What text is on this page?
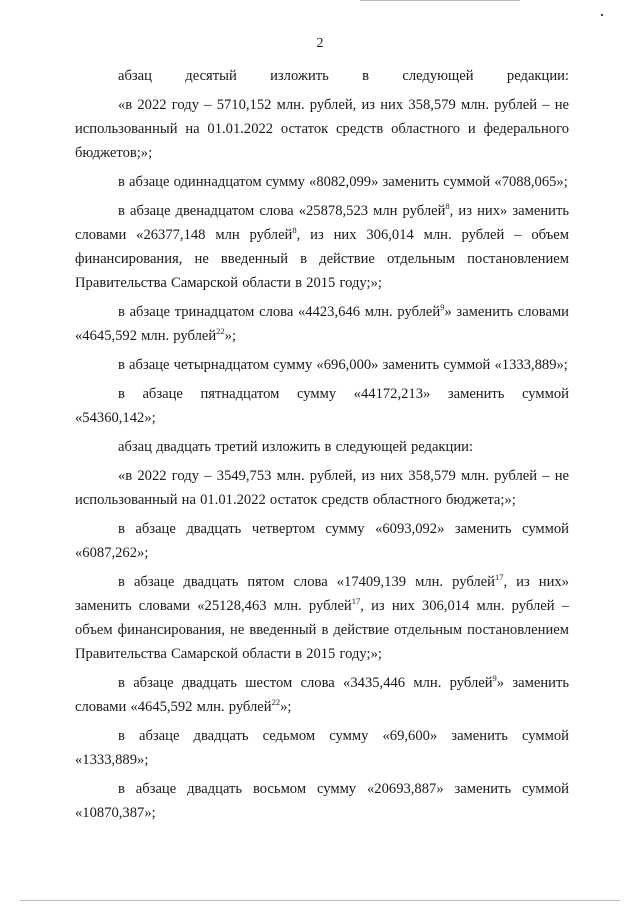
2

абзац десятый изложить в следующей редакции:

«в 2022 году – 5710,152 млн. рублей, из них 358,579 млн. рублей – не использованный на 01.01.2022 остаток средств областного и федерального бюджетов;»;

в абзаце одиннадцатом сумму «8082,099» заменить суммой «7088,065»;

в абзаце двенадцатом слова «25878,523 млн рублей$^8$, из них» заменить словами «26377,148 млн рублей$^8$, из них 306,014 млн. рублей – объем финансирования, не введенный в действие отдельным постановлением Правительства Самарской области в 2015 году;»;

в абзаце тринадцатом слова «4423,646 млн. рублей$^9$» заменить словами «4645,592 млн. рублей$^{22}$»;

в абзаце четырнадцатом сумму «696,000» заменить суммой «1333,889»;

в абзаце пятнадцатом сумму «44172,213» заменить суммой «54360,142»;

абзац двадцать третий изложить в следующей редакции:

«в 2022 году – 3549,753 млн. рублей, из них 358,579 млн. рублей – не использованный на 01.01.2022 остаток средств областного бюджета;»;

в абзаце двадцать четвертом сумму «6093,092» заменить суммой «6087,262»;

в абзаце двадцать пятом слова «17409,139 млн. рублей$^{17}$, из них» заменить словами «25128,463 млн. рублей$^{17}$, из них 306,014 млн. рублей – объем финансирования, не введенный в действие отдельным постановлением Правительства Самарской области в 2015 году;»;

в абзаце двадцать шестом слова «3435,446 млн. рублей$^9$» заменить словами «4645,592 млн. рублей$^{22}$»;

в абзаце двадцать седьмом сумму «69,600» заменить суммой «1333,889»;

в абзаце двадцать восьмом сумму «20693,887» заменить суммой «10870,387»;
